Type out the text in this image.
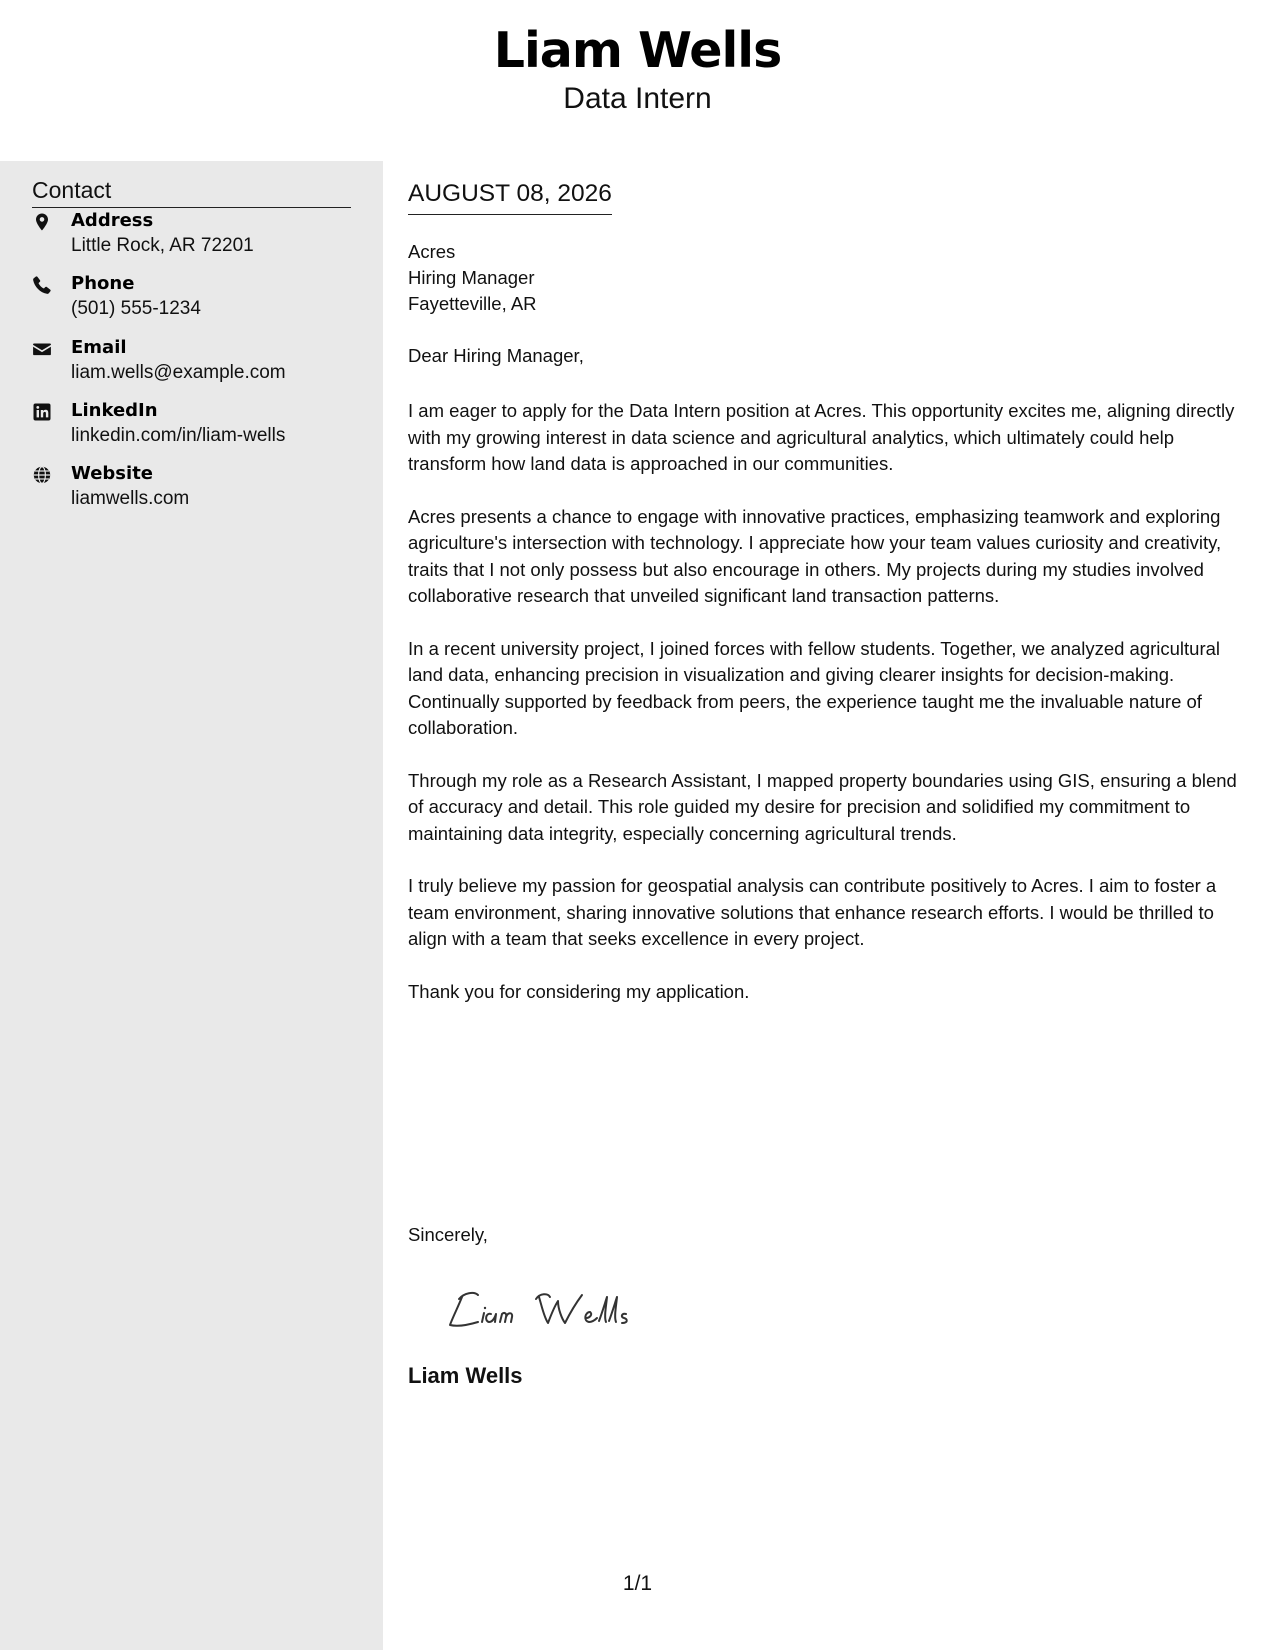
Liam Wells
Data Intern
Contact
Address
Little Rock, AR 72201
Phone
(501) 555-1234
Email
liam.wells@example.com
LinkedIn
linkedin.com/in/liam-wells
Website
liamwells.com
AUGUST 08, 2026
Acres
Hiring Manager
Fayetteville, AR
Dear Hiring Manager,

I am eager to apply for the Data Intern position at Acres. This opportunity excites me, aligning directly with my growing interest in data science and agricultural analytics, which ultimately could help transform how land data is approached in our communities.

Acres presents a chance to engage with innovative practices, emphasizing teamwork and exploring agriculture's intersection with technology. I appreciate how your team values curiosity and creativity, traits that I not only possess but also encourage in others. My projects during my studies involved collaborative research that unveiled significant land transaction patterns.

In a recent university project, I joined forces with fellow students. Together, we analyzed agricultural land data, enhancing precision in visualization and giving clearer insights for decision-making. Continually supported by feedback from peers, the experience taught me the invaluable nature of collaboration.

Through my role as a Research Assistant, I mapped property boundaries using GIS, ensuring a blend of accuracy and detail. This role guided my desire for precision and solidified my commitment to maintaining data integrity, especially concerning agricultural trends.

I truly believe my passion for geospatial analysis can contribute positively to Acres. I aim to foster a team environment, sharing innovative solutions that enhance research efforts. I would be thrilled to align with a team that seeks excellence in every project.

Thank you for considering my application.

Sincerely,
Liam Wells
1/1
